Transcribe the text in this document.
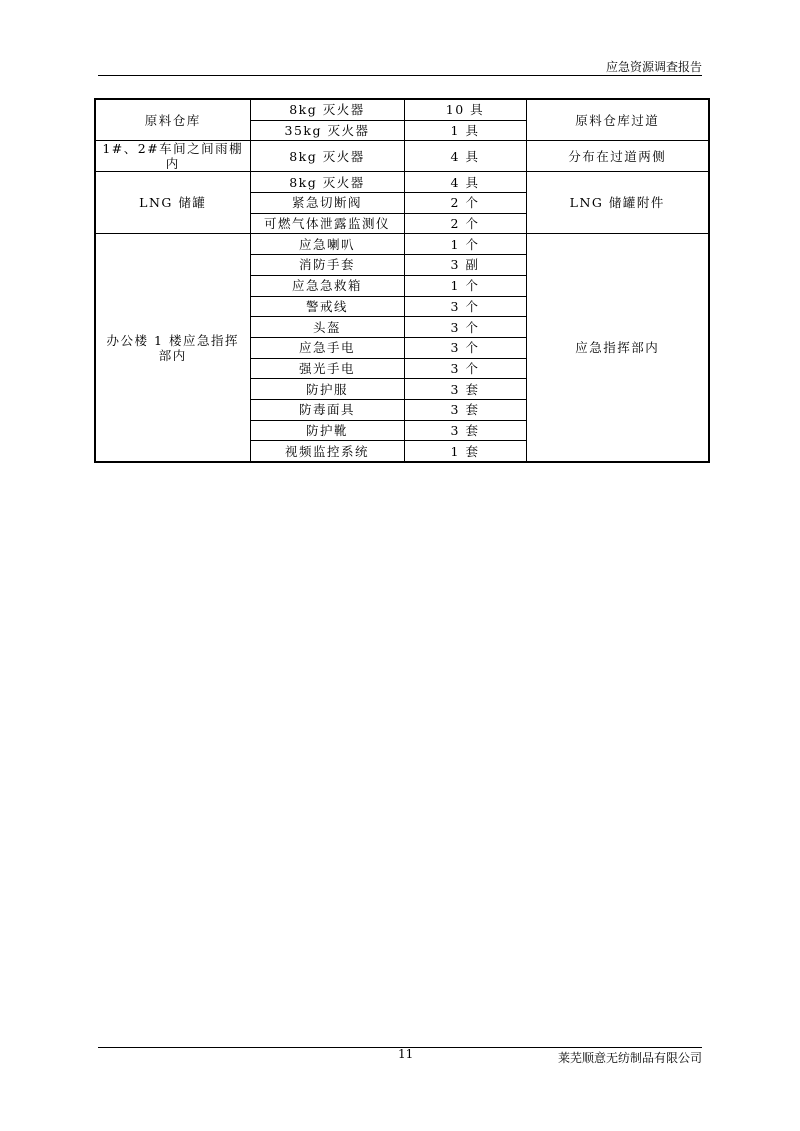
应急资源调查报告
原料仓库	8kg 灭火器	10 具	原料仓库过道
	35kg 灭火器	1 具	
1#、2#车间之间雨棚内	8kg 灭火器	4 具	分布在过道两侧
LNG 储罐	8kg 灭火器	4 具	LNG 储罐附件
	紧急切断阀	2 个	
	可燃气体泄露监测仪	2 个	
办公楼 1 楼应急指挥部内	应急喇叭	1 个	应急指挥部内
	消防手套	3 副	
	应急急救箱	1 个	
	警戒线	3 个	
	头盔	3 个	
	应急手电	3 个	
	强光手电	3 个	
	防护服	3 套	
	防毒面具	3 套	
	防护靴	3 套	
	视频监控系统	1 套	
11	莱芜顺意无纺制品有限公司
